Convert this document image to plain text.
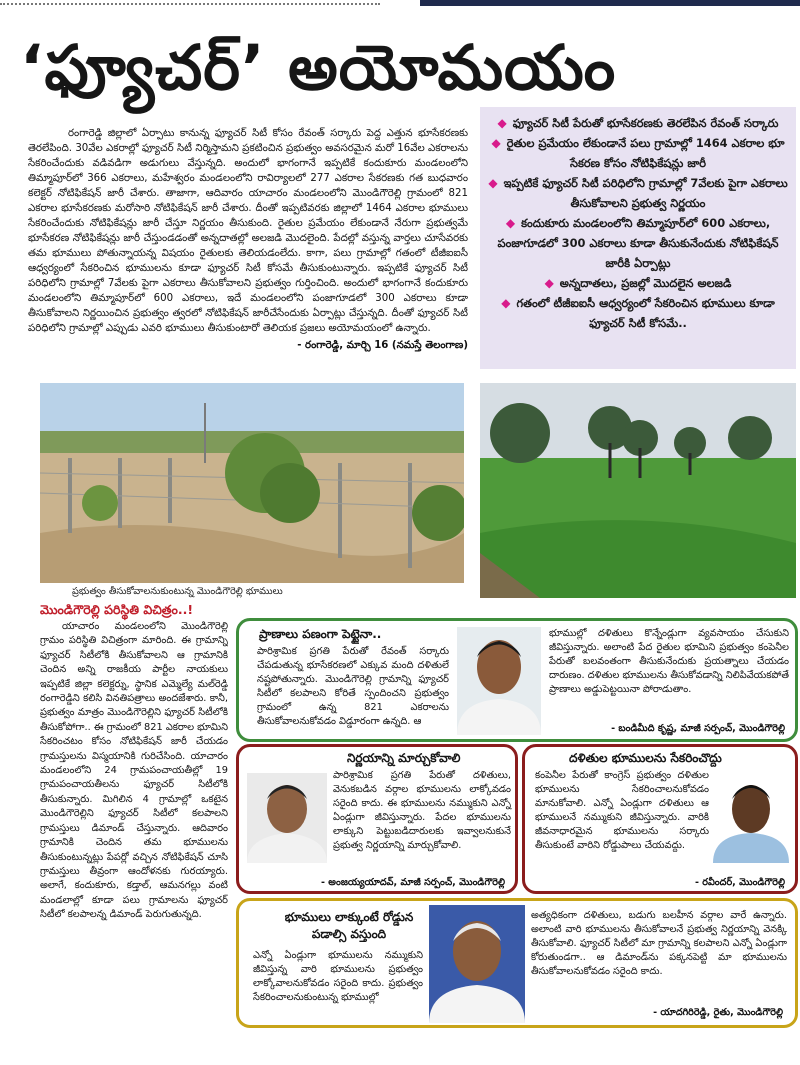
‘ఫ్యూచర్’ అయోమయం

రంగారెడ్డి జిల్లాలో ఏర్పాటు కానున్న ఫ్యూచర్ సిటీ కోసం రేవంత్ సర్కారు పెద్ద ఎత్తున భూసేకరణకు తెరలేపింది. 30వేల ఎకరాల్లో ఫ్యూచర్ సిటీ నిర్మిస్తామని ప్రకటించిన ప్రభుత్వం అవసరమైన మరో 16వేల ఎకరాలను సేకరించేందుకు వడివడిగా అడుగులు వేస్తున్నది. అందులో భాగంగానే ఇప్పటికే కందుకూరు మండలంలోని తిమ్మాపూర్‌లో 366 ఎకరాలు, మహేశ్వరం మండలంలోని రావిర్యాలలో 277 ఎకరాల సేకరణకు గత బుధవారం కలెక్టర్ నోటిఫికేషన్ జారీ చేశారు. తాజాగా, ఆదివారం యాచారం మండలంలోని మొండిగౌరెల్లి గ్రామంలో 821 ఎకరాల భూసేకరణకు మరోసారి నోటిఫికేషన్ జారీ చేశారు. దీంతో ఇప్పటివరకు జిల్లాలో 1464 ఎకరాల భూములు సేకరించేందుకు నోటిఫికేషన్లు జారీ చేస్తూ నిర్ణయం తీసుకుంది. రైతుల ప్రమేయం లేకుండానే నేరుగా ప్రభుత్వమే భూసేకరణ నోటిఫికేషన్లు జారీ చేస్తుండడంతో అన్నదాతల్లో అలజడి మొదలైంది. పేదల్లో వస్తున్న వార్తలు చూసేవరకు తమ భూములు పోతున్నాయన్న విషయం రైతులకు తెలియడంలేదు. కాగా, పలు గ్రామాల్లో గతంలో టీజీఐఐసీ ఆధ్వర్యంలో సేకరించిన భూములను కూడా ఫ్యూచర్ సిటీ కోసమే తీసుకుంటున్నారు. ఇప్పటికే ఫ్యూచర్ సిటీ పరిధిలోని గ్రామాల్లో 7వేలకు పైగా ఎకరాలు తీసుకోవాలని ప్రభుత్వం గుర్తించింది. అందులో భాగంగానే కందుకూరు మండలంలోని తిమ్మాపూర్‌లో 600 ఎకరాలు, ఇదే మండలంలోని పంజాగూడలో 300 ఎకరాలు కూడా తీసుకోవాలని నిర్ణయించిన ప్రభుత్వం త్వరలో నోటిఫికేషన్ జారీచేసేందుకు ఏర్పాట్లు చేస్తున్నది. దీంతో ఫ్యూచర్ సిటీ పరిధిలోని గ్రామాల్లో ఎప్పుడు ఎవరి భూములు తీసుకుంటారో తెలియక ప్రజలు అయోమయంలో ఉన్నారు.

- రంగారెడ్డి, మార్చి 16 (నమస్తే తెలంగాణ)
◆ ఫ్యూచర్ సిటీ పేరుతో భూసేకరణకు తెరలేపిన రేవంత్ సర్కారు
◆ రైతుల ప్రమేయం లేకుండానే పలు గ్రామాల్లో 1464 ఎకరాల భూ సేకరణ కోసం నోటిఫికేషన్లు జారీ
◆ ఇప్పటికే ఫ్యూచర్ సిటీ పరిధిలోని గ్రామాల్లో 7వేలకు పైగా ఎకరాలు తీసుకోవాలని ప్రభుత్వ నిర్ణయం
◆ కందుకూరు మండలంలోని తిమ్మాపూర్‌లో 600 ఎకరాలు, పంజాగూడలో 300 ఎకరాలు కూడా తీసుకునేందుకు నోటిఫికేషన్ జారీకి ఏర్పాట్లు
◆ అన్నదాతలు, ప్రజల్లో మొదలైన అలజడి
◆ గతంలో టీజీఐఐసీ ఆధ్వర్యంలో సేకరించిన భూములు కూడా ఫ్యూచర్ సిటీ కోసమే..
ప్రభుత్వం తీసుకోవాలనుకుంటున్న మొండిగౌరెల్లి భూములు
మొండిగౌరెల్లి పరిస్థితి విచిత్రం..!

యాచారం మండలంలోని మొండిగౌరెల్లి గ్రామం పరిస్థితి విచిత్రంగా మారింది. ఈ గ్రామాన్ని ఫ్యూచర్ సిటీలోకి తీసుకోవాలని ఆ గ్రామానికి చెందిన అన్ని రాజకీయ పార్టీల నాయకులు ఇప్పటికే జిల్లా కలెక్టర్ను, స్థానిక ఎమ్మెల్యే మల్‌రెడ్డి రంగారెడ్డిని కలిసి వినతిపత్రాలు అందజేశారు. కానీ, ప్రభుత్వం మాత్రం మొండిగౌరెల్లిని ఫ్యూచర్ సిటీలోకి తీసుకోపోగా.. ఈ గ్రామంలో 821 ఎకరాల భూమిని సేకరించటం కోసం నోటిఫికేషన్ జారీ చేయడం గ్రామస్తులను విస్మయానికి గురిచేసింది. యాచారం మండలంలోని 24 గ్రామపంచాయతీల్లో 19 గ్రామపంచాయతీలను ఫ్యూచర్ సిటీలోకి తీసుకున్నారు. మిగిలిన 4 గ్రామాల్లో ఒకటైన మొండిగౌరెల్లిని ఫ్యూచర్ సిటీలో కలపాలని గ్రామస్తులు డిమాండ్ చేస్తున్నారు. ఆదివారం గ్రామానికి చెందిన తమ భూములను తీసుకుంటున్నట్లు పేపర్లో వచ్చిన నోటిఫికేషన్ చూసి గ్రామస్తులు తీవ్రంగా ఆందోళనకు గురయ్యారు. అలాగే, కందుకూరు, కడ్తాల్, ఆమనగల్లు వంటి మండలాల్లో కూడా పలు గ్రామాలను ఫ్యూచర్ సిటీలో కలపాలన్న డిమాండ్ పెరుగుతున్నది.

ప్రాణాలు పణంగా పెట్టైనా..
పారిశ్రామిక ప్రగతి పేరుతో రేవంత్ సర్కారు చేపడుతున్న భూసేకరణలో ఎక్కువ మంది దళితులే నష్టపోతున్నారు. మొండిగౌరెల్లి గ్రామాన్ని ఫ్యూచర్ సిటీలో కలపాలని కోరితే స్పందించని ప్రభుత్వం గ్రామంలో ఉన్న 821 ఎకరాలను తీసుకోవాలనుకోవడం విడ్డూరంగా ఉన్నది. ఆ
భూముల్లో దళితులు కొన్నేండ్లుగా వ్యవసాయం చేసుకుని జీవిస్తున్నారు. అలాంటి పేద రైతుల భూమిని ప్రభుత్వం కంపెనీల పేరుతో బలవంతంగా తీసుకునేందుకు ప్రయత్నాలు చేయడం దారుణం. దళితుల భూములను తీసుకోవడాన్ని నిలిపివేయకపోతే ప్రాణాలు అడ్డుపెట్టయినా పోరాడుతాం.
- బండిమీది కృష్ణ, మాజీ సర్పంచ్, మొండిగౌరెల్లి
నిర్ణయాన్ని మార్చుకోవాలి
పారిశ్రామిక ప్రగతి పేరుతో దళితులు, వెనుకబడిన వర్గాల భూములను లాక్కోవడం సరైంది కాదు. ఈ భూములను నమ్ముకుని ఎన్నో ఏండ్లుగా జీవిస్తున్నారు. పేదల భూములను లాక్కుని పెట్టుబడిదారులకు ఇవ్వాలనుకునే ప్రభుత్వ నిర్ణయాన్ని మార్చుకోవాలి.
- అంజయ్యయాదవ్, మాజీ సర్పంచ్, మొండిగౌరెల్లి
దళితుల భూములను సేకరించొద్దు
కంపెనీల పేరుతో కాంగ్రెస్ ప్రభుత్వం దళితుల భూములను సేకరించాలనుకోవడం మానుకోవాలి. ఎన్నో ఏండ్లుగా దళితులు ఆ భూములనే నమ్ముకుని జీవిస్తున్నారు. వారికి జీవనాధారమైన భూములను సర్కారు తీసుకుంటే వారిని రోడ్డుపాలు చేయవద్దు.
- రవీందర్, మొండిగౌరెల్లి
భూములు లాక్కుంటే రోడ్డున పడాల్సి వస్తుంది
ఎన్నో ఏండ్లుగా భూములను నమ్ముకుని జీవిస్తున్న వారి భూములను ప్రభుత్వం లాక్కోవాలనుకోవడం సరైంది కాదు. ప్రభుత్వం సేకరించాలనుకుంటున్న భూముల్లో
అత్యధికంగా దళితులు, బడుగు బలహీన వర్గాల వారే ఉన్నారు. అలాంటి వారి భూములను తీసుకోవాలనే ప్రభుత్వ నిర్ణయాన్ని వెనక్కి తీసుకోవాలి. ఫ్యూచర్ సిటీలో మా గ్రామాన్ని కలపాలని ఎన్నో ఏండ్లుగా కోరుతుండగా.. ఆ డిమాండ్‌ను పక్కనపెట్టి మా భూములను తీసుకోవాలనుకోవడం సరైంది కాదు.
- యాదగిరిరెడ్డి, రైతు, మొండిగౌరెల్లి
